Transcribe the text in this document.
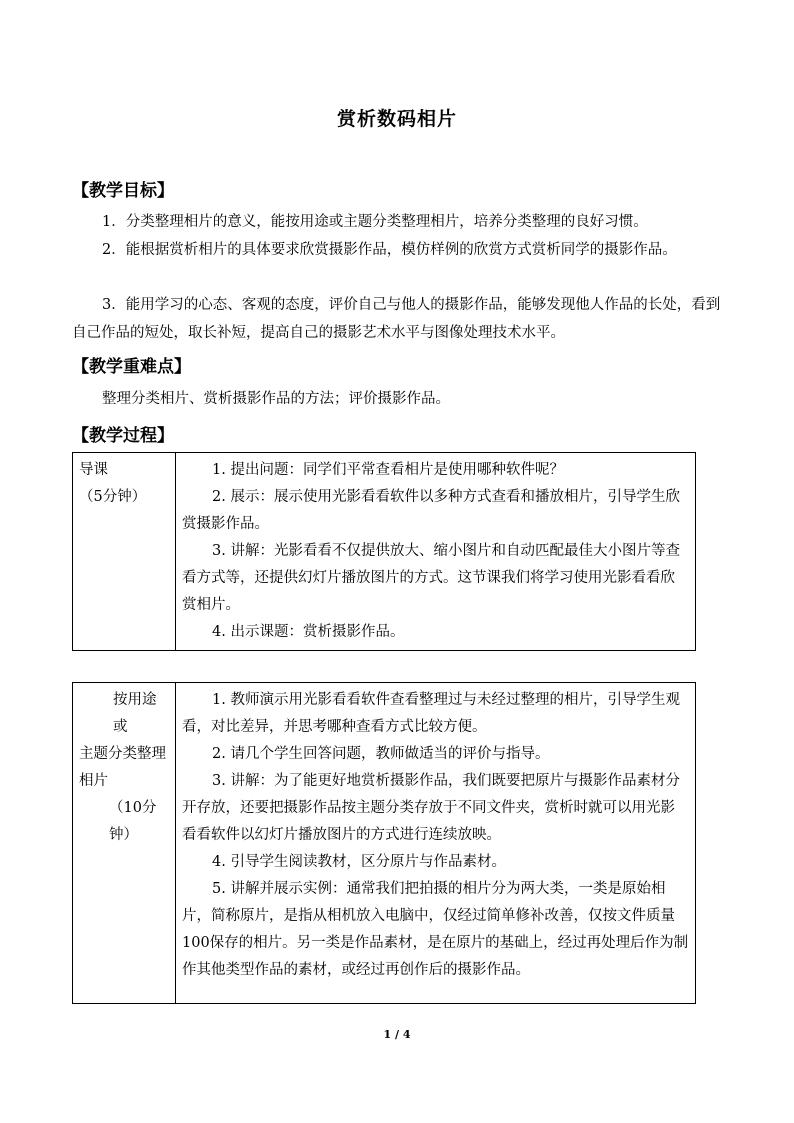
赏析数码相片
【教学目标】

1．分类整理相片的意义，能按用途或主题分类整理相片，培养分类整理的良好习惯。

2．能根据赏析相片的具体要求欣赏摄影作品，模仿样例的欣赏方式赏析同学的摄影作品。

3．能用学习的心态、客观的态度，评价自己与他人的摄影作品，能够发现他人作品的长处，看到自己作品的短处，取长补短，提高自己的摄影艺术水平与图像处理技术水平。

【教学重难点】

整理分类相片、赏析摄影作品的方法；评价摄影作品。

【教学过程】
导课
（5分钟）

1. 提出问题：同学们平常查看相片是使用哪种软件呢？

2. 展示：展示使用光影看看软件以多种方式查看和播放相片，引导学生欣赏摄影作品。

3. 讲解：光影看看不仅提供放大、缩小图片和自动匹配最佳大小图片等查看方式等，还提供幻灯片播放图片的方式。这节课我们将学习使用光影看看欣赏相片。

4. 出示课题：赏析摄影作品。

按用途或
主题分类整理
相片
（10分钟）

1. 教师演示用光影看看软件查看整理过与未经过整理的相片，引导学生观看，对比差异，并思考哪种查看方式比较方便。

2. 请几个学生回答问题，教师做适当的评价与指导。

3. 讲解：为了能更好地赏析摄影作品，我们既要把原片与摄影作品素材分开存放，还要把摄影作品按主题分类存放于不同文件夹，赏析时就可以用光影看看软件以幻灯片播放图片的方式进行连续放映。

4. 引导学生阅读教材，区分原片与作品素材。

5. 讲解并展示实例：通常我们把拍摄的相片分为两大类，一类是原始相片，简称原片，是指从相机放入电脑中，仅经过简单修补改善，仅按文件质量100保存的相片。另一类是作品素材，是在原片的基础上，经过再处理后作为制作其他类型作品的素材，或经过再创作后的摄影作品。

1 / 4
